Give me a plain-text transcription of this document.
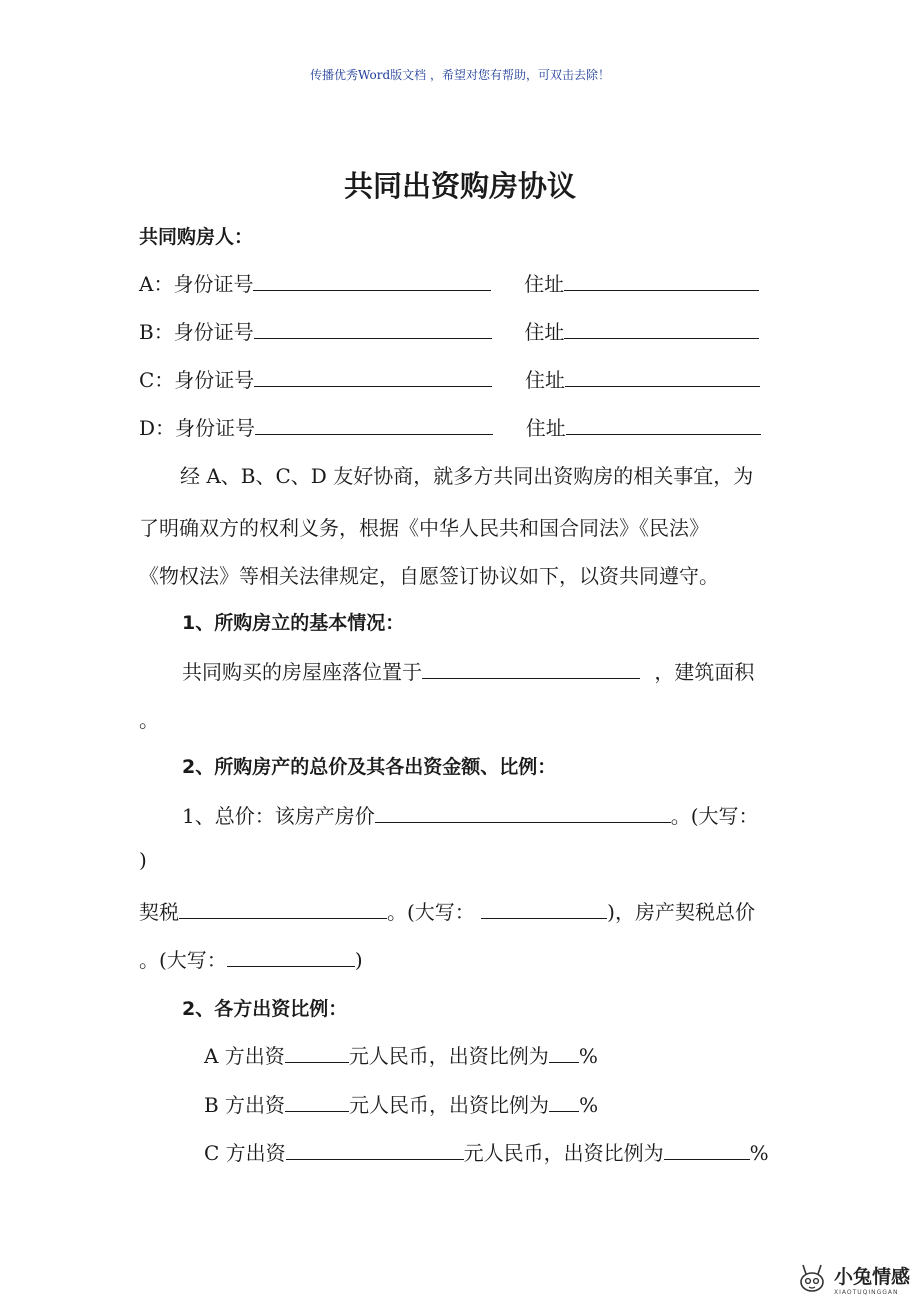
传播优秀Word版文档 ，希望对您有帮助，可双击去除！
共同出资购房协议
共同购房人：
A：身份证号	住址
B：身份证号	住址
C：身份证号	住址
D：身份证号	住址
经 A、B、C、D 友好协商，就多方共同出资购房的相关事宜，为
了明确双方的权利义务，根据《中华人民共和国合同法》《民法》
《物权法》等相关法律规定，自愿签订协议如下，以资共同遵守。
1、所购房立的基本情况：
共同购买的房屋座落位置于	，建筑面积
。
2、所购房产的总价及其各出资金额、比例：
1、总价：该房产房价	。(大写：
)
契税	。(大写：	)，房产契税总价
。(大写：	)
2、各方出资比例：
A 方出资	元人民币，出资比例为 %
B 方出资	元人民币，出资比例为 %
C 方出资	元人民币，出资比例为	%
小兔情感
XIAOTUQINGGAN
